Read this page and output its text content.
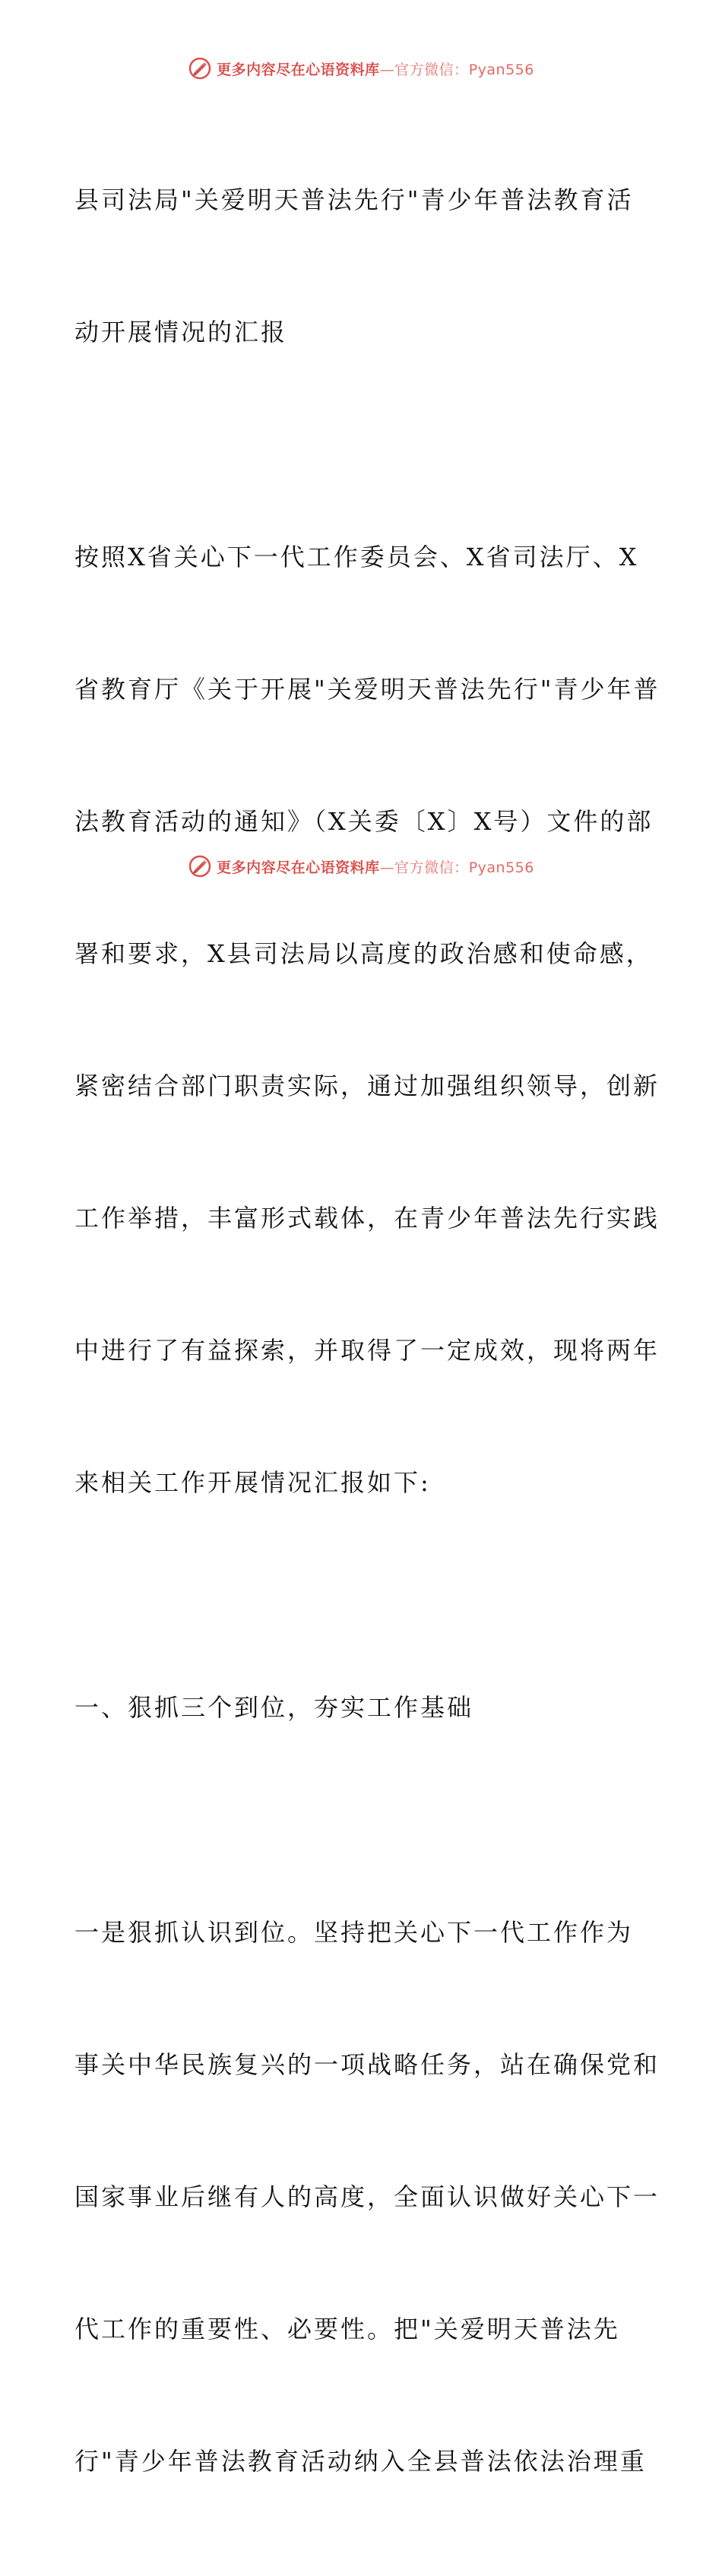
更多内容尽在心语资料库—官方微信：Pyan556

县司法局"关爱明天普法先行"青少年普法教育活

动开展情况的汇报

按照X省关心下一代工作委员会、X省司法厅、X

省教育厅《关于开展"关爱明天普法先行"青少年普

法教育活动的通知》（X关委〔X〕X号）文件的部

署和要求，X县司法局以高度的政治感和使命感，

紧密结合部门职责实际，通过加强组织领导，创新

工作举措，丰富形式载体，在青少年普法先行实践

中进行了有益探索，并取得了一定成效，现将两年

来相关工作开展情况汇报如下:

一、狠抓三个到位，夯实工作基础

一是狠抓认识到位。坚持把关心下一代工作作为

事关中华民族复兴的一项战略任务，站在确保党和

国家事业后继有人的高度，全面认识做好关心下一

代工作的重要性、必要性。把"关爱明天普法先

行"青少年普法教育活动纳入全县普法依法治理重

更多内容尽在心语资料库—官方微信：Pyan556
